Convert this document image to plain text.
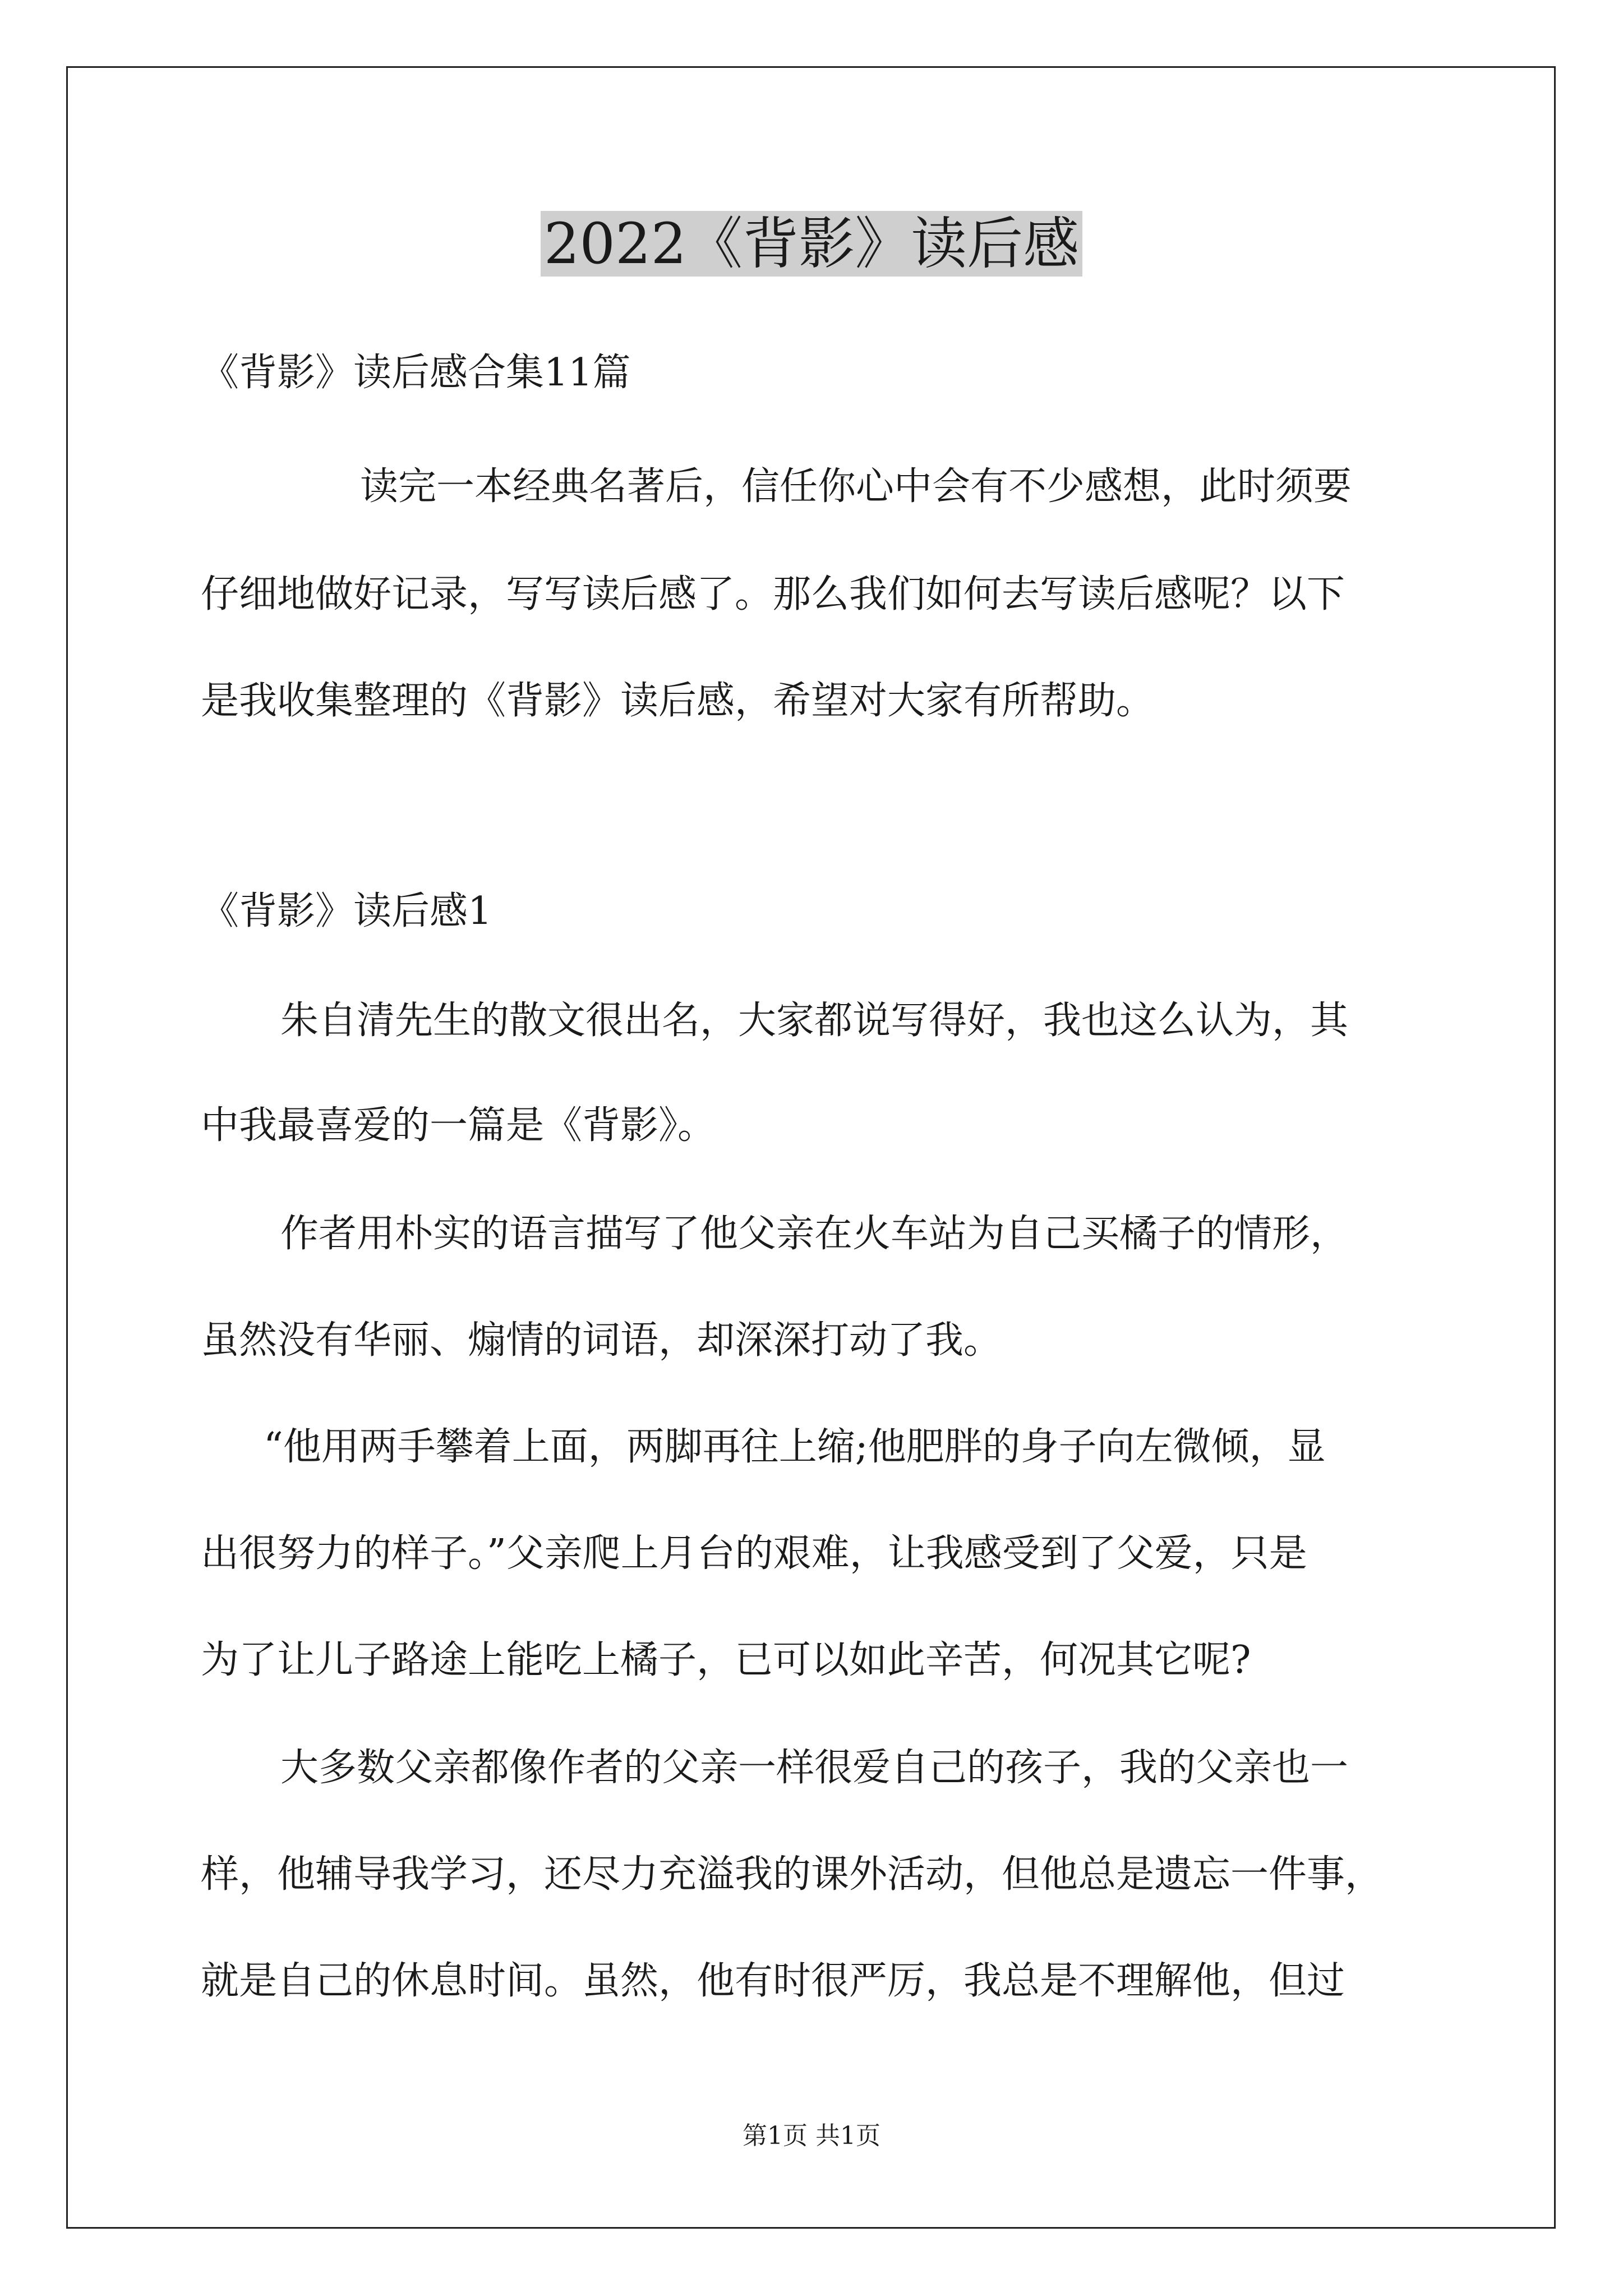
2022《背影》读后感
《背影》读后感合集11篇
读完一本经典名著后，信任你心中会有不少感想，此时须要
仔细地做好记录，写写读后感了。那么我们如何去写读后感呢？以下
是我收集整理的《背影》读后感，希望对大家有所帮助。
《背影》读后感1
朱自清先生的散文很出名，大家都说写得好，我也这么认为，其
中我最喜爱的一篇是《背影》。
作者用朴实的语言描写了他父亲在火车站为自己买橘子的情形，
虽然没有华丽、煽情的词语，却深深打动了我。
“他用两手攀着上面，两脚再往上缩;他肥胖的身子向左微倾，显
出很努力的样子。”父亲爬上月台的艰难，让我感受到了父爱，只是
为了让儿子路途上能吃上橘子，已可以如此辛苦，何况其它呢?
大多数父亲都像作者的父亲一样很爱自己的孩子，我的父亲也一
样，他辅导我学习，还尽力充溢我的课外活动，但他总是遗忘一件事，
就是自己的休息时间。虽然，他有时很严厉，我总是不理解他，但过
第1页 共1页
